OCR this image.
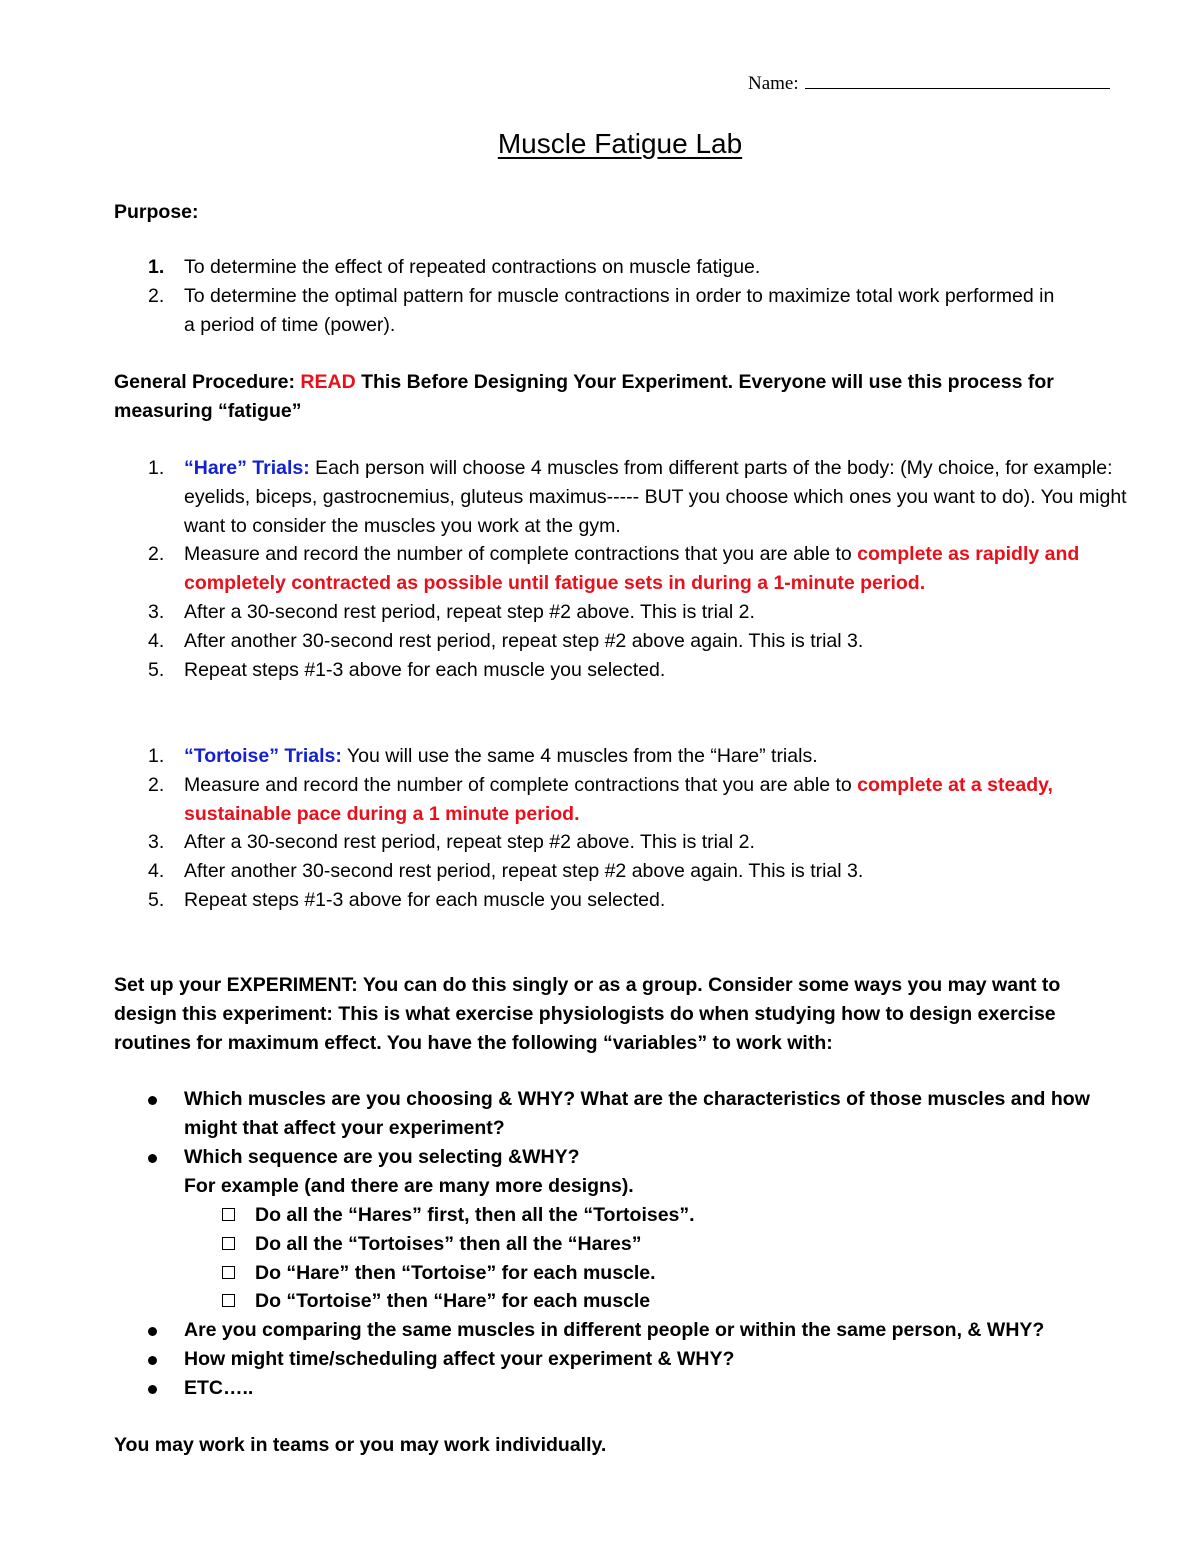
Name:
Muscle Fatigue Lab
Purpose:
1.	To determine the effect of repeated contractions on muscle fatigue.
2.	To determine the optimal pattern for muscle contractions in order to maximize total work performed in a period of time (power).
General Procedure: READ This Before Designing Your Experiment. Everyone will use this process for measuring “fatigue”
1.	“Hare” Trials: Each person will choose 4 muscles from different parts of the body: (My choice, for example: eyelids, biceps, gastrocnemius, gluteus maximus----- BUT you choose which ones you want to do). You might want to consider the muscles you work at the gym.
2.	Measure and record the number of complete contractions that you are able to complete as rapidly and completely contracted as possible until fatigue sets in during a 1-minute period.
3.	After a 30-second rest period, repeat step #2 above. This is trial 2.
4.	After another 30-second rest period, repeat step #2 above again. This is trial 3.
5.	Repeat steps #1-3 above for each muscle you selected.
1.	“Tortoise” Trials: You will use the same 4 muscles from the “Hare” trials.
2.	Measure and record the number of complete contractions that you are able to complete at a steady, sustainable pace during a 1 minute period.
3.	After a 30-second rest period, repeat step #2 above. This is trial 2.
4.	After another 30-second rest period, repeat step #2 above again. This is trial 3.
5.	Repeat steps #1-3 above for each muscle you selected.
Set up your EXPERIMENT: You can do this singly or as a group. Consider some ways you may want to design this experiment: This is what exercise physiologists do when studying how to design exercise routines for maximum effect. You have the following “variables” to work with:
Which muscles are you choosing & WHY? What are the characteristics of those muscles and how might that affect your experiment?
Which sequence are you selecting &WHY?
For example (and there are many more designs).
Do all the “Hares” first, then all the “Tortoises”.
Do all the “Tortoises” then all the “Hares”
Do “Hare” then “Tortoise” for each muscle.
Do “Tortoise” then “Hare” for each muscle
Are you comparing the same muscles in different people or within the same person, & WHY?
How might time/scheduling affect your experiment & WHY?
ETC…..
You may work in teams or you may work individually.
